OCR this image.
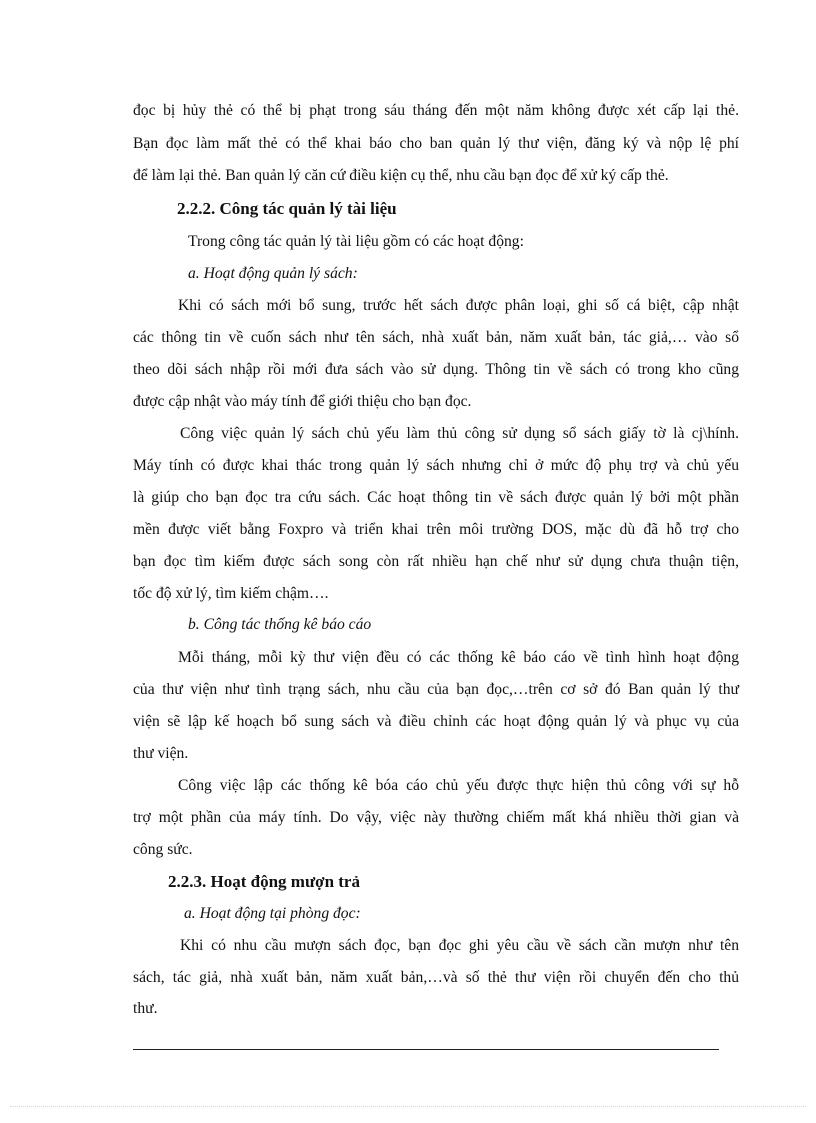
đọc bị hủy thẻ có thể bị phạt trong sáu tháng đến một năm không được xét cấp lại thẻ.
Bạn đọc làm mất thẻ có thể khai báo cho ban quản lý thư viện, đăng ký và nộp lệ phí
để làm lại thẻ. Ban quản lý căn cứ điều kiện cụ thể, nhu cầu bạn đọc để xử ký cấp thẻ.
2.2.2. Công tác quản lý tài liệu
Trong công tác quản lý tài liệu gồm có các hoạt động:
a. Hoạt động quản lý sách:
Khi có sách mới bổ sung, trước hết sách được phân loại, ghi số cá biệt, cập nhật
các thông tin về cuốn sách như tên sách, nhà xuất bản, năm xuất bản, tác giả,… vào sổ
theo dõi sách nhập rồi mới đưa sách vào sử dụng. Thông tin về sách có trong kho cũng
được cập nhật vào máy tính để giới thiệu cho bạn đọc.
Công việc quản lý sách chủ yếu làm thủ công sử dụng sổ sách giấy tờ là cj\hính.
Máy tính có được khai thác trong quản lý sách nhưng chỉ ở mức độ phụ trợ và chủ yếu
là giúp cho bạn đọc tra cứu sách. Các hoạt thông tin về sách được quản lý bởi một phần
mền được viết bằng Foxpro và triển khai trên môi trường DOS, mặc dù đã hỗ trợ cho
bạn đọc tìm kiếm được sách song còn rất nhiều hạn chế như sử dụng chưa thuận tiện,
tốc độ xử lý, tìm kiếm chậm….
b. Công tác thống kê báo cáo
Mỗi tháng, mỗi kỳ thư viện đều có các thống kê báo cáo về tình hình hoạt động
của thư viện như tình trạng sách, nhu cầu của bạn đọc,…trên cơ sở đó Ban quản lý thư
viện sẽ lập kế hoạch bổ sung sách và điều chỉnh các hoạt động quản lý và phục vụ của
thư viện.
Công việc lập các thống kê bóa cáo chủ yếu được thực hiện thủ công với sự hỗ
trợ một phần của máy tính. Do vậy, việc này thường chiếm mất khá nhiều thời gian và
công sức.
2.2.3. Hoạt động mượn trả
a. Hoạt động tại phòng đọc:
Khi có nhu cầu mượn sách đọc, bạn đọc ghi yêu cầu về sách cần mượn như tên
sách, tác giả, nhà xuất bản, năm xuất bản,…và số thẻ thư viện rồi chuyển đến cho thủ
thư.
